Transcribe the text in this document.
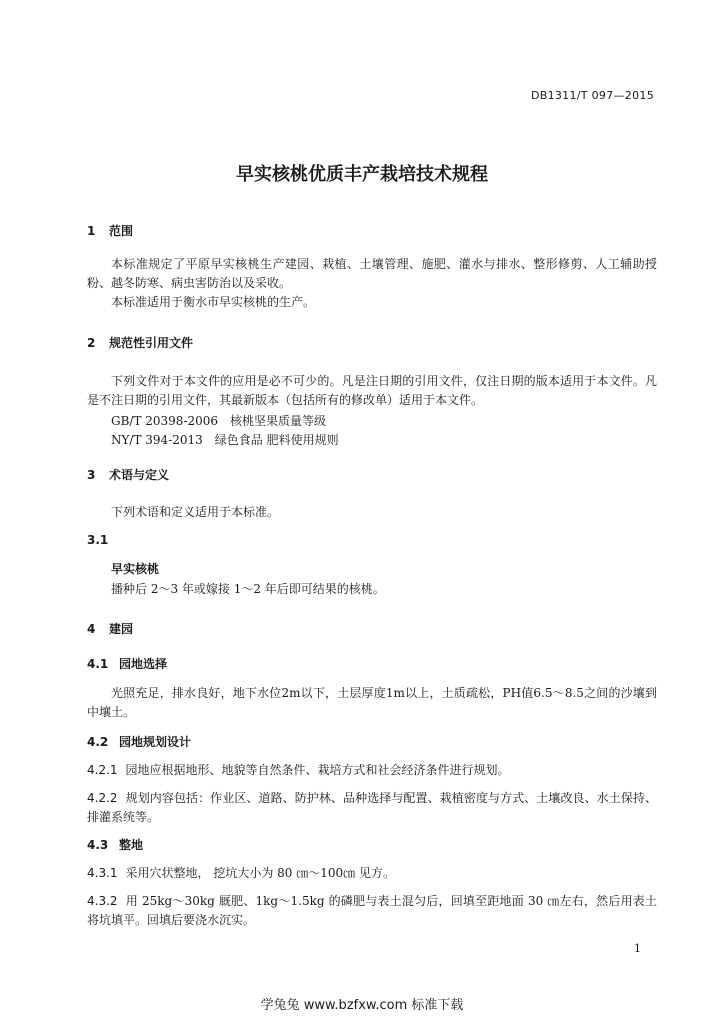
DB1311/T 097—2015
早实核桃优质丰产栽培技术规程
1 范围
本标准规定了平原早实核桃生产建园、栽植、土壤管理、施肥、灌水与排水、整形修剪、人工辅助授粉、越冬防寒、病虫害防治以及采收。
本标准适用于衡水市早实核桃的生产。
2 规范性引用文件
下列文件对于本文件的应用是必不可少的。凡是注日期的引用文件，仅注日期的版本适用于本文件。凡是不注日期的引用文件，其最新版本（包括所有的修改单）适用于本文件。
GB/T 20398-2006　核桃坚果质量等级
NY/T 394-2013　绿色食品 肥料使用规则
3 术语与定义
下列术语和定义适用于本标准。
3.1
早实核桃
播种后 2～3 年或嫁接 1～2 年后即可结果的核桃。
4 建园
4.1 园地选择
光照充足，排水良好，地下水位2m以下，土层厚度1m以上，土质疏松，PH值6.5～8.5之间的沙壤到中壤土。
4.2 园地规划设计
4.2.1 园地应根据地形、地貌等自然条件、栽培方式和社会经济条件进行规划。
4.2.2 规划内容包括：作业区、道路、防护林、品种选择与配置、栽植密度与方式、土壤改良、水土保持、排灌系统等。
4.3 整地
4.3.1 采用穴状整地， 挖坑大小为 80 ㎝～100㎝ 见方。
4.3.2 用 25kg～30kg 厩肥、1kg～1.5kg 的磷肥与表土混匀后，回填至距地面 30 ㎝左右，然后用表土将坑填平。回填后要浇水沉实。
1
学兔兔 www.bzfxw.com 标准下载
